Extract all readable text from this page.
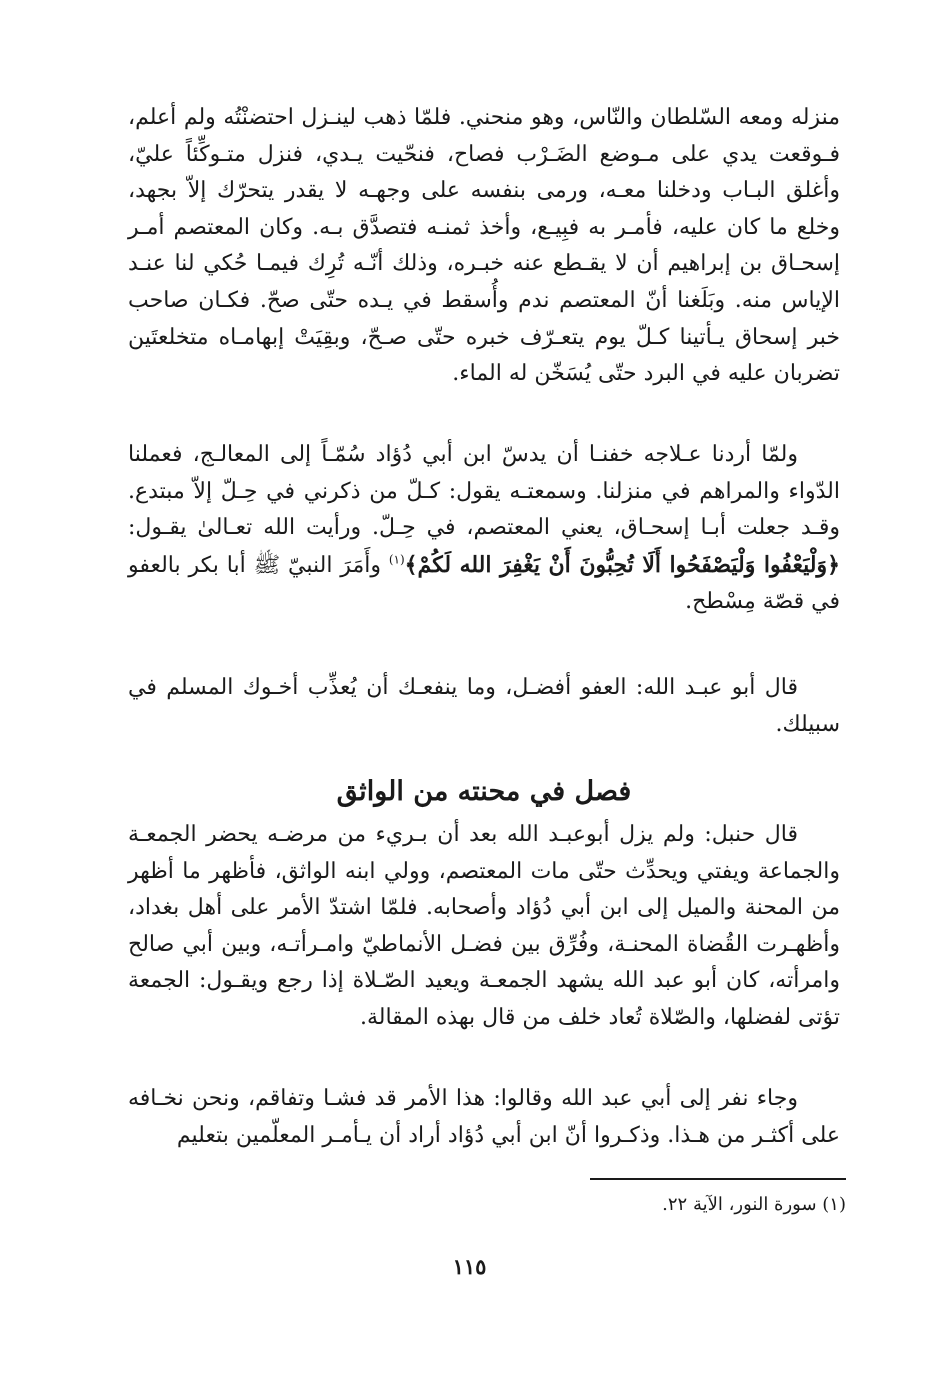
منزله ومعه السّلطان والنّاس، وهو منحني. فلمّا ذهب لينـزل احتضنْتُه ولم أعلم، فـوقعت يدي على مـوضع الضَـرْب فصاح، فنحّيت يـدي، فنزل متـوكِّئاً عليّ، وأغلق البـاب ودخلنا معـه، ورمى بنفسه على وجهـه لا يقدر يتحرّك إلاّ بجهد، وخلع ما كان عليه، فأمـر به فبِيـع، وأخذ ثمنـه فتصدَّق بـه. وكان المعتصم أمـر إسحـاق بن إبراهيم أن لا يقـطع عنه خبـره، وذلك أنّـه تُرِك فيمـا حُكي لنا عنـد الإياس منه. وبَلَغنا أنّ المعتصم ندم وأُسقط في يـده حتّى صحّ. فكـان صاحب خبر إسحاق يـأتينا كـلّ يوم يتعـرّف خبره حتّى صـحّ، وبقِيَتْ إبهامـاه متخلعتَين تضربان عليه في البرد حتّى يُسَخّن له الماء.

ولمّا أردنا عـلاجه خفنـا أن يدسّ ابن أبي دُؤاد سُمّـاً إلى المعالـج، فعملنا الدّواء والمراهم في منزلنا. وسمعتـه يقول: كـلّ من ذكرني في حِـلّ إلاّ مبتدع. وقـد جعلت أبـا إسحـاق، يعني المعتصم، في حِـلّ. ورأيت الله تعـالىٰ يقـول: ﴿وَلْيَعْفُوا وَلْيَصْفَحُوا أَلَا تُحِبُّونَ أَنْ يَغْفِرَ الله لَكُمْ﴾$^{(١)}$ وأَمَرَ النبيّ ﷺ أبا بكر بالعفو في قصّة مِسْطح.

قال أبو عبـد الله: العفو أفضـل، وما ينفعـك أن يُعذِّب أخـوك المسلم في سبيلك.

فصل في محنته من الواثق

قال حنبل: ولم يزل أبوعبـد الله بعد أن بـريء من مرضـه يحضر الجمعـة والجماعة ويفتي ويحدِّث حتّى مات المعتصم، وولي ابنه الواثق، فأظهر ما أظهر من المحنة والميل إلى ابن أبي دُؤاد وأصحابه. فلمّا اشتدّ الأمر على أهل بغداد، وأظهـرت القُضاة المحنـة، وفُرِّق بين فضـل الأنماطيّ وامـرأتـه، وبين أبي صالح وامرأته، كان أبو عبد الله يشهد الجمعـة ويعيد الصّـلاة إذا رجع ويقـول: الجمعة تؤتى لفضلها، والصّلاة تُعاد خلف من قال بهذه المقالة.

وجاء نفر إلى أبي عبد الله وقالوا: هذا الأمر قد فشـا وتفاقم، ونحن نخـافه على أكثـر من هـذا. وذكـروا أنّ ابن أبي دُؤاد أراد أن يـأمـر المعلّمين بتعليم

(١) سورة النور، الآية ٢٢.
١١٥
